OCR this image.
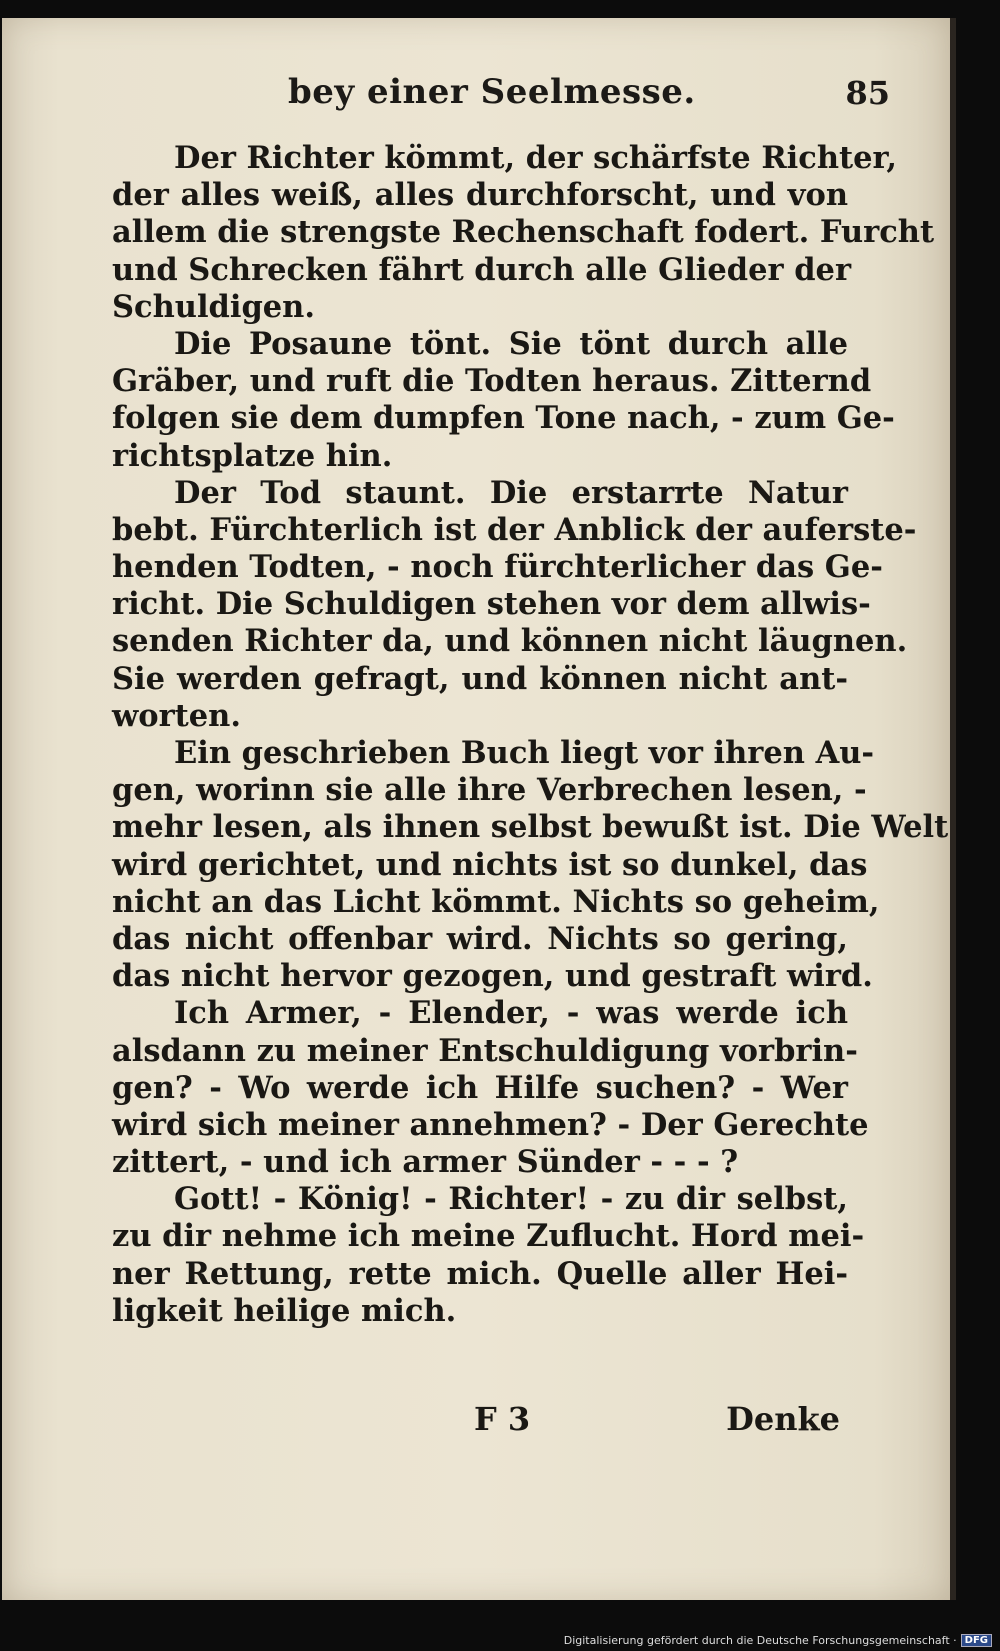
bey einer Seelmesse.	85
Der Richter kömmt, der schärfste Richter,
der alles weiß, alles durchforscht, und von
allem die strengste Rechenschaft fodert. Furcht
und Schrecken fährt durch alle Glieder der
Schuldigen.
Die Posaune tönt. Sie tönt durch alle
Gräber, und ruft die Todten heraus. Zitternd
folgen sie dem dumpfen Tone nach, - zum Ge-
richtsplatze hin.
Der Tod staunt. Die erstarrte Natur
bebt. Fürchterlich ist der Anblick der auferste-
henden Todten, - noch fürchterlicher das Ge-
richt. Die Schuldigen stehen vor dem allwis-
senden Richter da, und können nicht läugnen.
Sie werden gefragt, und können nicht ant-
worten.
Ein geschrieben Buch liegt vor ihren Au-
gen, worinn sie alle ihre Verbrechen lesen, -
mehr lesen, als ihnen selbst bewußt ist. Die Welt
wird gerichtet, und nichts ist so dunkel, das
nicht an das Licht kömmt. Nichts so geheim,
das nicht offenbar wird. Nichts so gering,
das nicht hervor gezogen, und gestraft wird.
Ich Armer, - Elender, - was werde ich
alsdann zu meiner Entschuldigung vorbrin-
gen? - Wo werde ich Hilfe suchen? - Wer
wird sich meiner annehmen? - Der Gerechte
zittert, - und ich armer Sünder - - - ?
Gott! - König! - Richter! - zu dir selbst,
zu dir nehme ich meine Zuflucht. Hord mei-
ner Rettung, rette mich. Quelle aller Hei-
ligkeit heilige mich.
F 3	Denke
Digitalisierung gefördert durch die Deutsche Forschungsgemeinschaft · DFG
